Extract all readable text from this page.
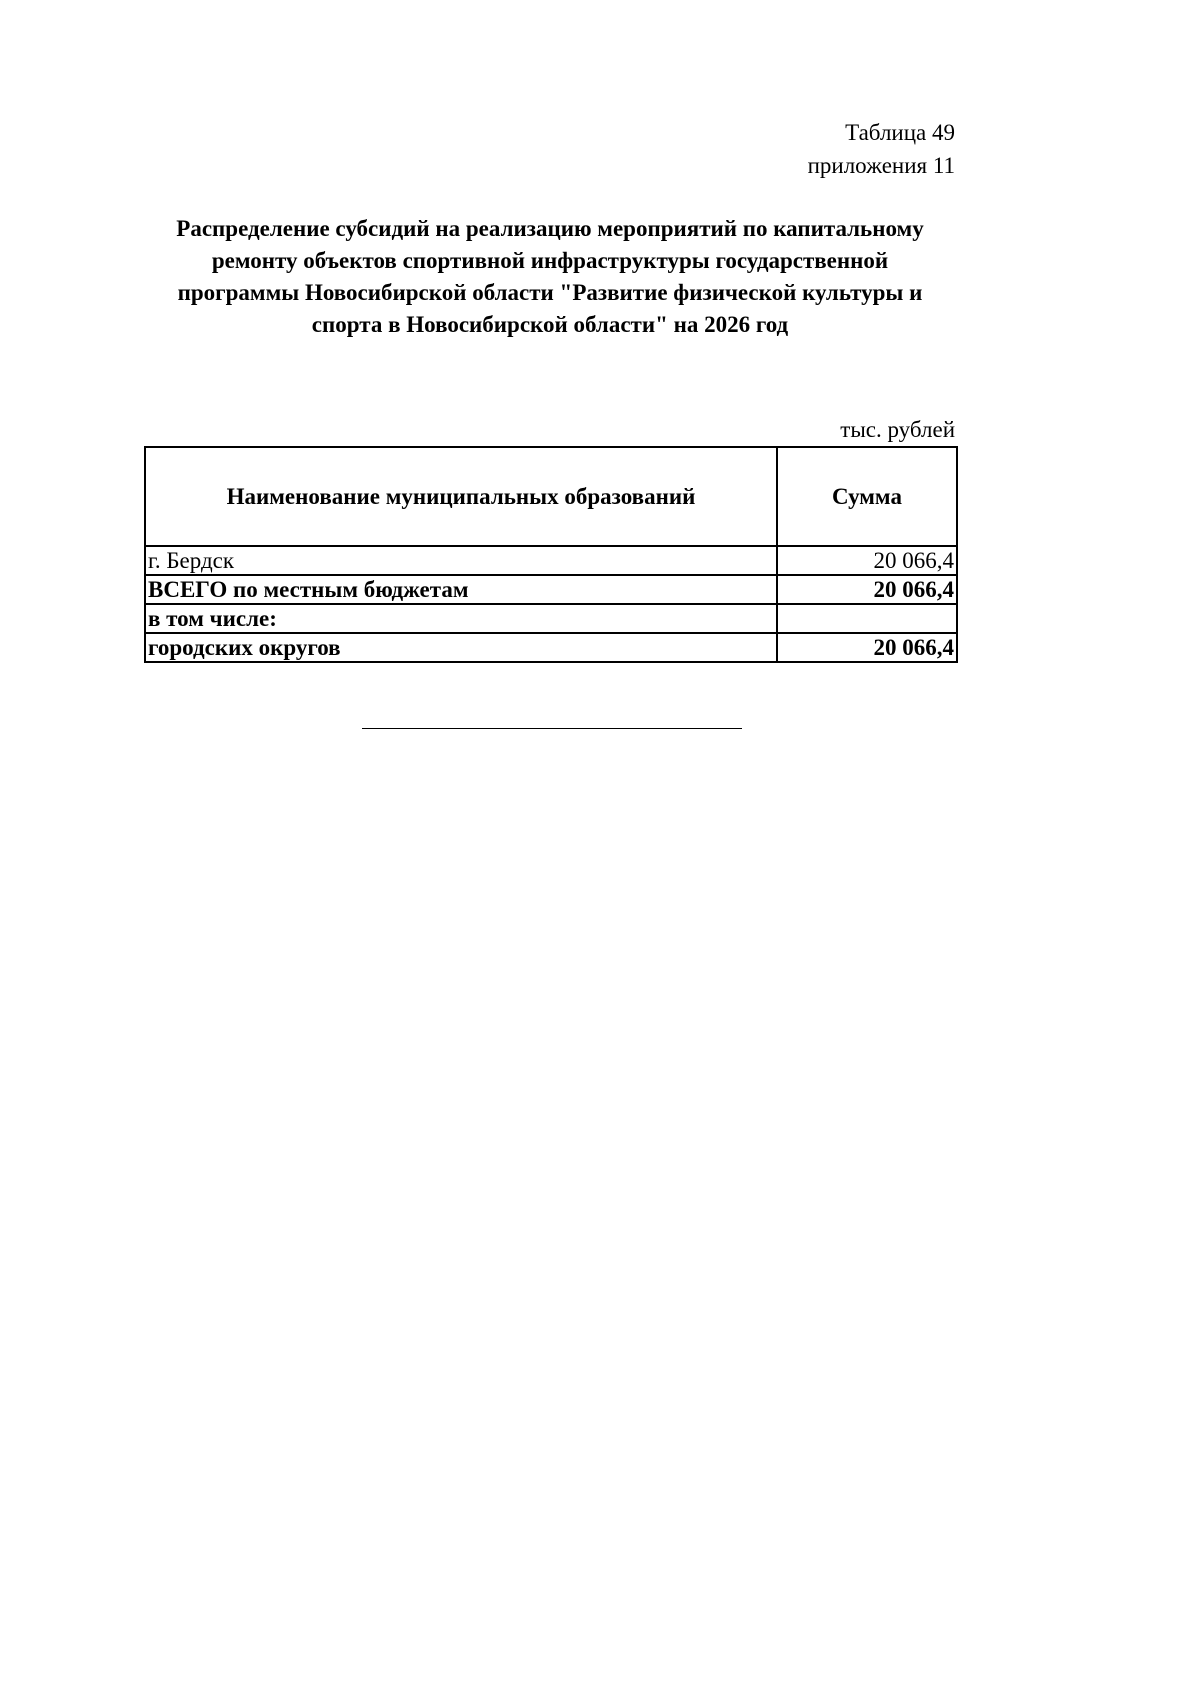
Таблица 49
приложения 11
Распределение субсидий на реализацию мероприятий по капитальному
ремонту объектов спортивной инфраструктуры государственной
программы Новосибирской области "Развитие физической культуры и
спорта в Новосибирской области" на 2026 год
тыс. рублей
Наименование муниципальных образований	Сумма
г. Бердск	20 066,4
ВСЕГО по местным бюджетам	20 066,4
в том числе:	
городских округов	20 066,4
